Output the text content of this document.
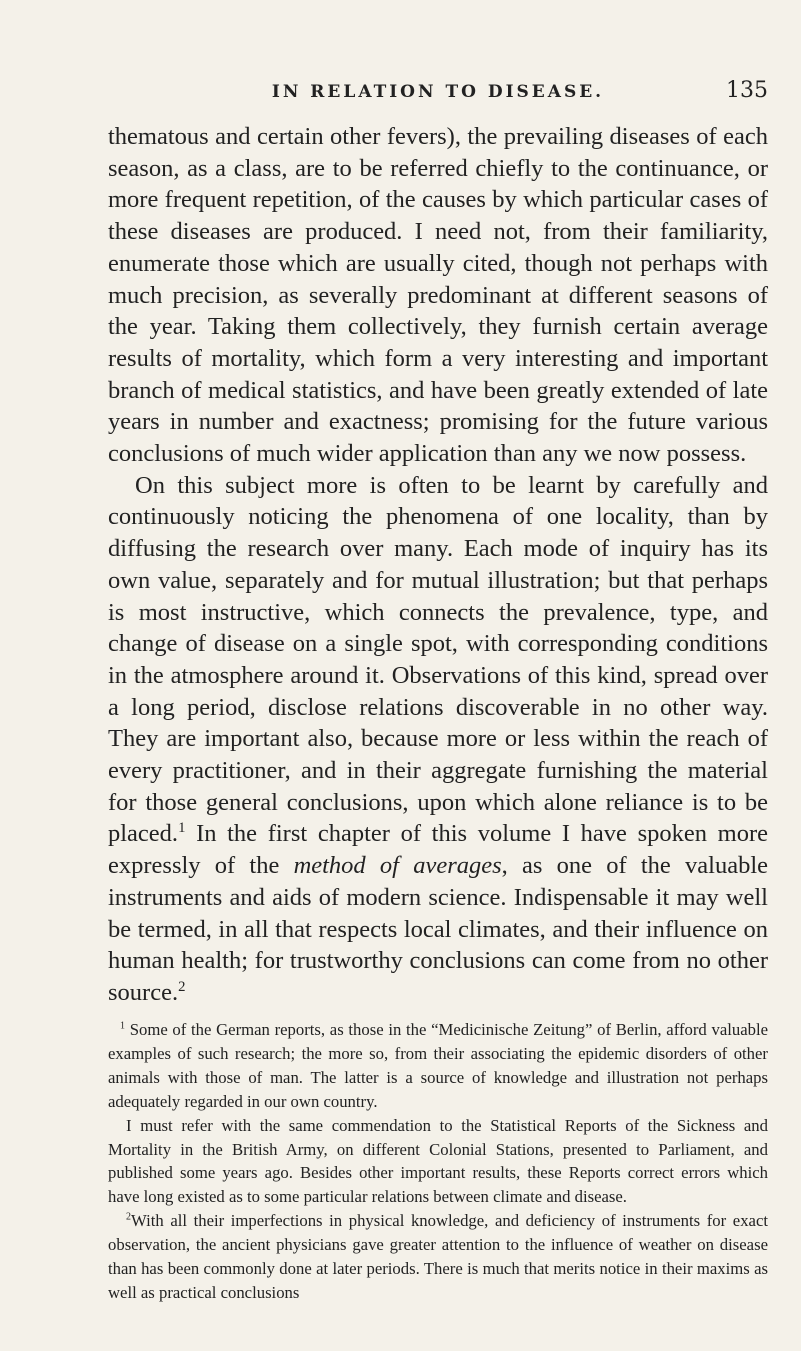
IN RELATION TO DISEASE.	135

thematous and certain other fevers), the prevailing diseases of each season, as a class, are to be referred chiefly to the continuance, or more frequent repetition, of the causes by which particular cases of these diseases are produced. I need not, from their familiarity, enumerate those which are usually cited, though not perhaps with much precision, as severally predominant at different seasons of the year. Taking them collectively, they furnish certain average results of mortality, which form a very interesting and important branch of medical statistics, and have been greatly extended of late years in number and exactness; promising for the future various conclusions of much wider application than any we now possess.

On this subject more is often to be learnt by carefully and continuously noticing the phenomena of one locality, than by diffusing the research over many. Each mode of inquiry has its own value, separately and for mutual illustration; but that perhaps is most instructive, which connects the prevalence, type, and change of disease on a single spot, with corresponding conditions in the atmosphere around it. Observations of this kind, spread over a long period, disclose relations discoverable in no other way. They are important also, because more or less within the reach of every practitioner, and in their aggregate furnishing the material for those general conclusions, upon which alone reliance is to be placed.$^1$ In the first chapter of this volume I have spoken more expressly of the method of averages, as one of the valuable instruments and aids of modern science. Indispensable it may well be termed, in all that respects local climates, and their influence on human health; for trustworthy conclusions can come from no other source.$^2$

$^1$ Some of the German reports, as those in the “Medicinische Zeitung” of Berlin, afford valuable examples of such research; the more so, from their associating the epidemic disorders of other animals with those of man. The latter is a source of knowledge and illustration not perhaps adequately regarded in our own country.

I must refer with the same commendation to the Statistical Reports of the Sickness and Mortality in the British Army, on different Colonial Stations, presented to Parliament, and published some years ago. Besides other important results, these Reports correct errors which have long existed as to some particular relations between climate and disease.

$^2$With all their imperfections in physical knowledge, and deficiency of instruments for exact observation, the ancient physicians gave greater attention to the influence of weather on disease than has been commonly done at later periods. There is much that merits notice in their maxims as well as practical conclusions
